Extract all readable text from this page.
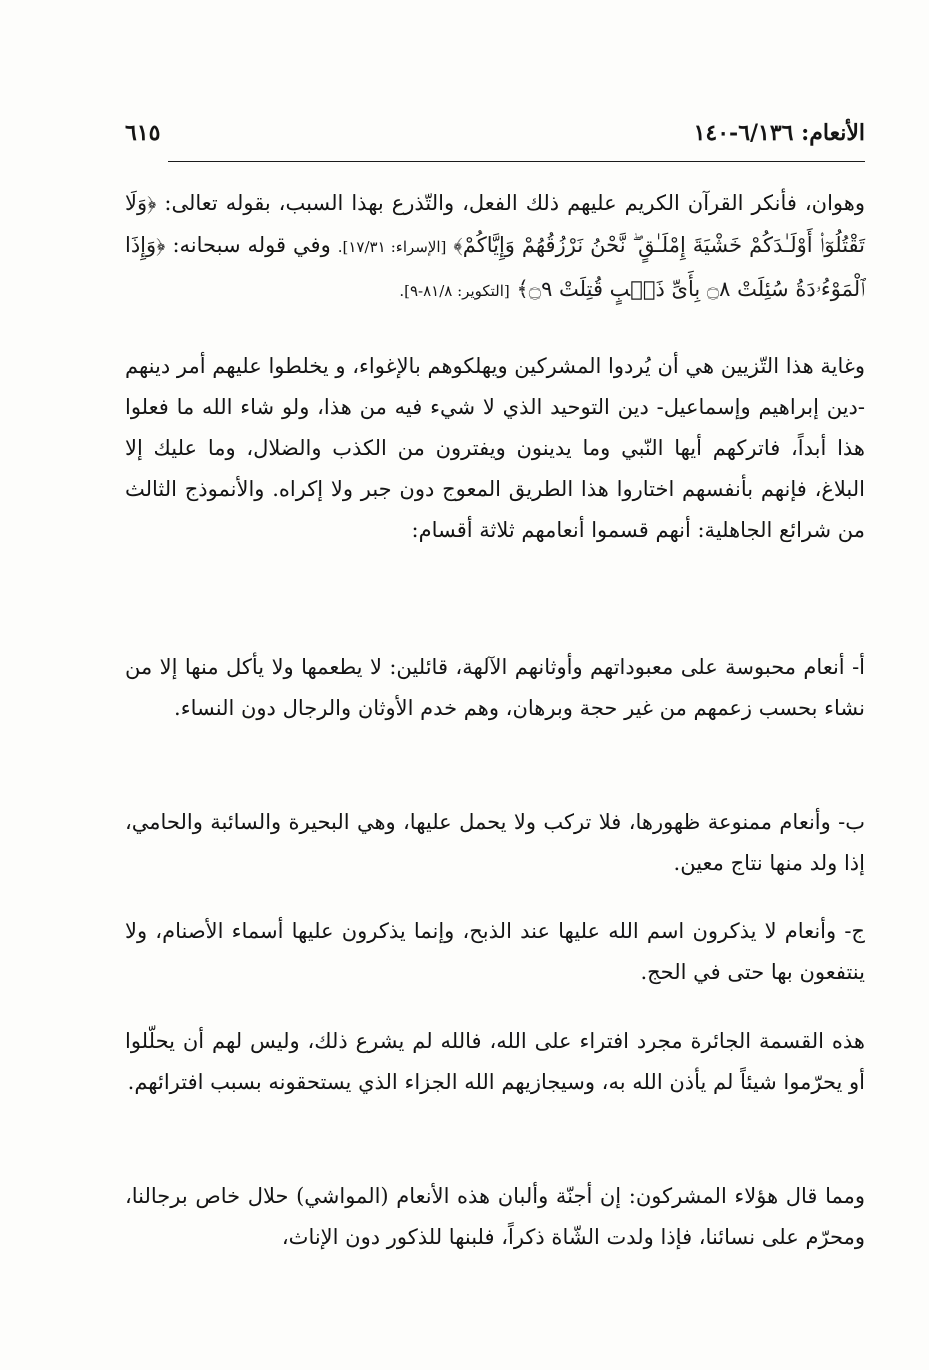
الأنعام: ٦/١٣٦-١٤٠
٦١٥

وهوان، فأنكر القرآن الكريم عليهم ذلك الفعل، والتّذرع بهذا السبب، بقوله تعالى: ﴿وَلَا تَقْتُلُوٓا۟ أَوْلَـٰدَكُمْ خَشْيَةَ إِمْلَـٰقٍ ۖ نَّحْنُ نَرْزُقُهُمْ وَإِيَّاكُمْ﴾ [الإسراء: ١٧/٣١]. وفي قوله سبحانه: ﴿وَإِذَا ٱلْمَوْءُۥدَةُ سُئِلَتْ ۝٨ بِأَىِّ ذَنۢبٍ قُتِلَتْ ۝٩﴾ [التكوير: ٨١/٨-٩].

وغاية هذا التّزيين هي أن يُردوا المشركين ويهلكوهم بالإغواء، و يخلطوا عليهم أمر دينهم -دين إبراهيم وإسماعيل- دين التوحيد الذي لا شيء فيه من هذا، ولو شاء الله ما فعلوا هذا أبداً، فاتركهم أيها النّبي وما يدينون ويفترون من الكذب والضلال، وما عليك إلا البلاغ، فإنهم بأنفسهم اختاروا هذا الطريق المعوج دون جبر ولا إكراه. والأنموذج الثالث من شرائع الجاهلية: أنهم قسموا أنعامهم ثلاثة أقسام:

أ- أنعام محبوسة على معبوداتهم وأوثانهم الآلهة، قائلين: لا يطعمها ولا يأكل منها إلا من نشاء بحسب زعمهم من غير حجة وبرهان، وهم خدم الأوثان والرجال دون النساء.

ب- وأنعام ممنوعة ظهورها، فلا تركب ولا يحمل عليها، وهي البحيرة والسائبة والحامي، إذا ولد منها نتاج معين.

ج- وأنعام لا يذكرون اسم الله عليها عند الذبح، وإنما يذكرون عليها أسماء الأصنام، ولا ينتفعون بها حتى في الحج.

هذه القسمة الجائرة مجرد افتراء على الله، فالله لم يشرع ذلك، وليس لهم أن يحلّلوا أو يحرّموا شيئاً لم يأذن الله به، وسيجازيهم الله الجزاء الذي يستحقونه بسبب افترائهم.

ومما قال هؤلاء المشركون: إن أجنّة وألبان هذه الأنعام (المواشي) حلال خاص برجالنا، ومحرّم على نسائنا، فإذا ولدت الشّاة ذكراً، فلبنها للذكور دون الإناث،
